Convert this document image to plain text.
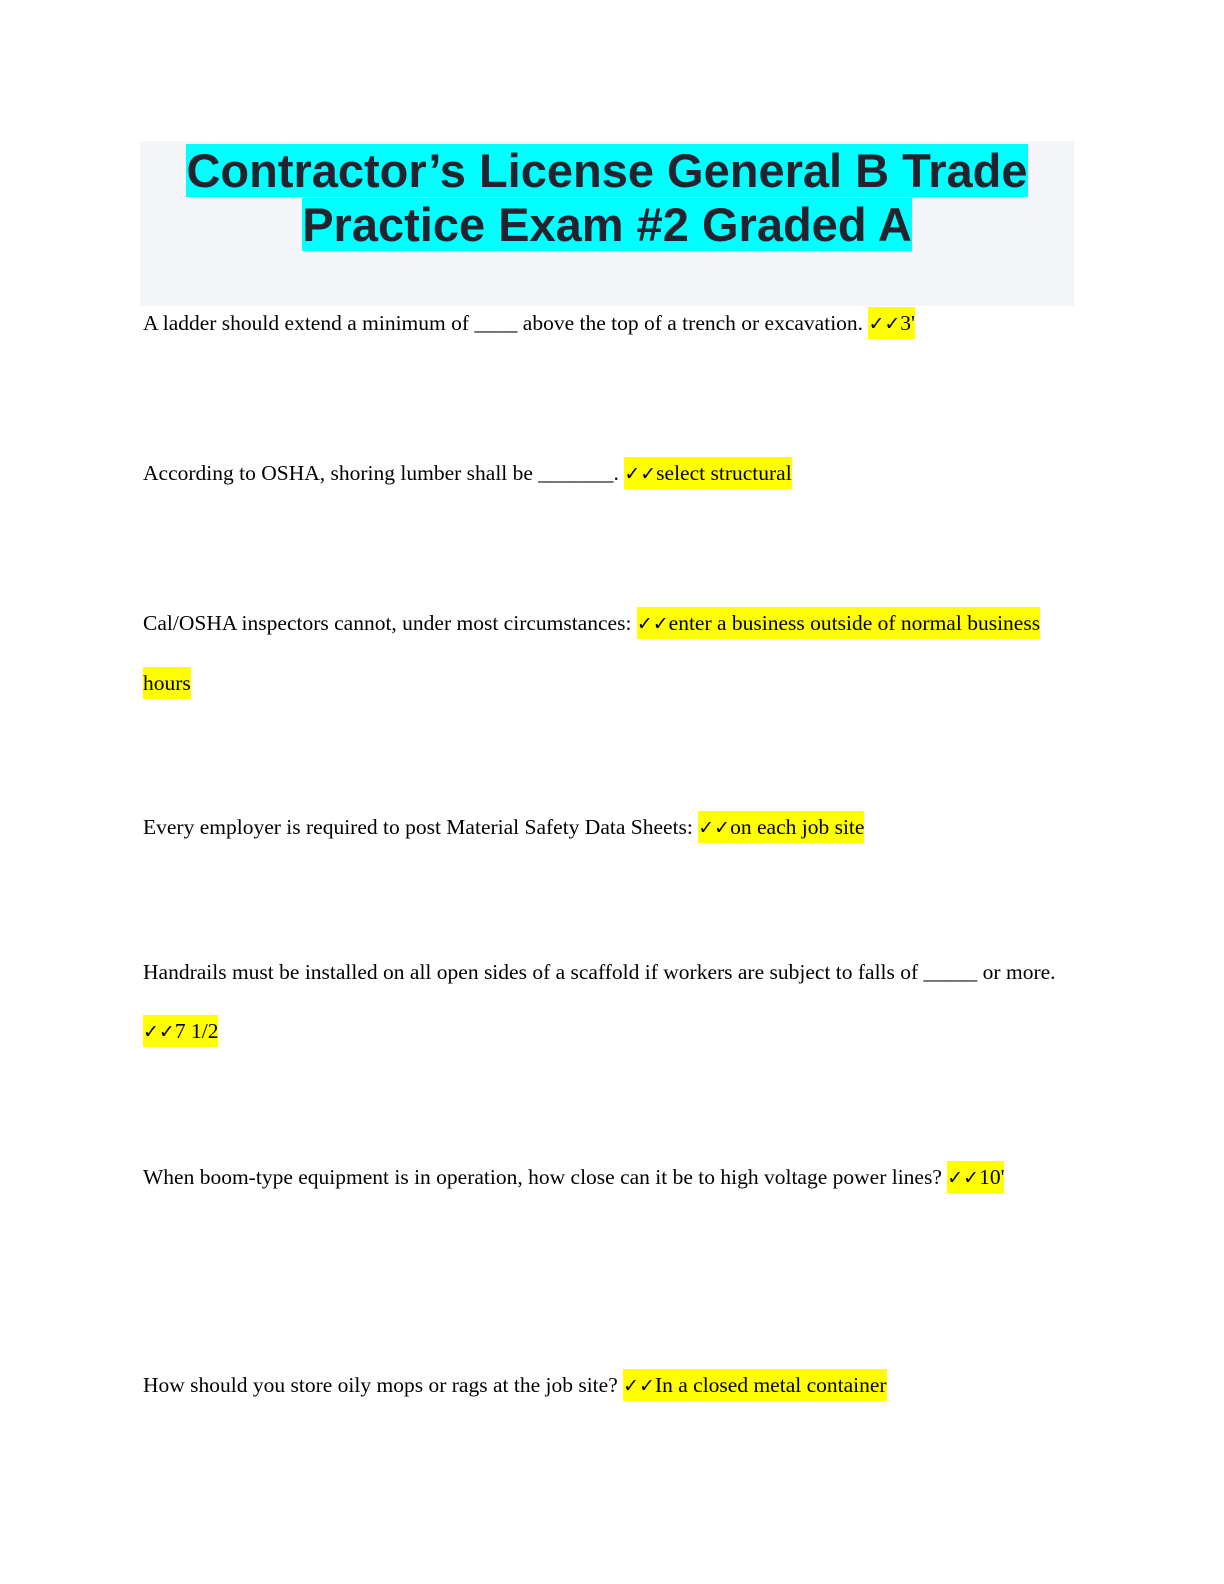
Contractor’s License General B Trade
Practice Exam #2 Graded A

A ladder should extend a minimum of ____ above the top of a trench or excavation. ✓✓3'

According to OSHA, shoring lumber shall be _______. ✓✓select structural

Cal/OSHA inspectors cannot, under most circumstances: ✓✓enter a business outside of normal business hours

Every employer is required to post Material Safety Data Sheets: ✓✓on each job site

Handrails must be installed on all open sides of a scaffold if workers are subject to falls of _____ or more. ✓✓7 1/2

When boom-type equipment is in operation, how close can it be to high voltage power lines? ✓✓10'

How should you store oily mops or rags at the job site? ✓✓In a closed metal container
